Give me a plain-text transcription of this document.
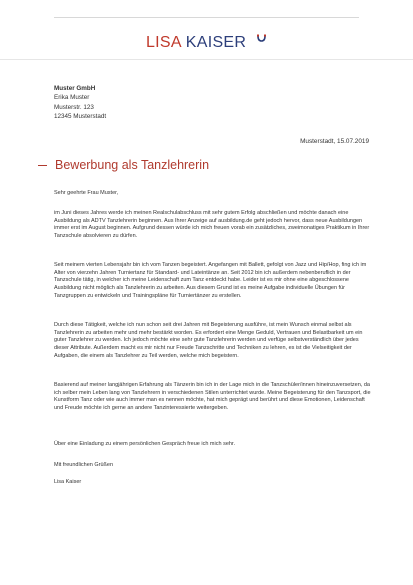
LISA KAISER
Muster GmbH
Erika Muster
Musterstr. 123
12345 Musterstadt
Musterstadt, 15.07.2019
Bewerbung als Tanzlehrerin
Sehr geehrte Frau Muster,

im Juni dieses Jahres werde ich meinen Realschulabschluss mit sehr gutem Erfolg abschließen und möchte danach eine Ausbildung als ADTV Tanzlehrerin beginnen. Aus Ihrer Anzeige auf ausbildung.de geht jedoch hervor, dass neue Ausbildungen immer erst im August beginnen. Aufgrund dessen würde ich mich freuen vorab ein zusätzliches, zweimonatiges Praktikum in Ihrer Tanzschule absolvieren zu dürfen.

Seit meinem vierten Lebensjahr bin ich vom Tanzen begeistert. Angefangen mit Ballett, gefolgt von Jazz und Hip/Hop, fing ich im Alter von vierzehn Jahren Turniertanz für Standard- und Lateintänze an. Seit 2012 bin ich außerdem nebenberuflich in der Tanzschule tätig, in welcher ich meine Leidenschaft zum Tanz entdeckt habe. Leider ist es mir ohne eine abgeschlossene Ausbildung nicht möglich als Tanzlehrerin zu arbeiten. Aus diesem Grund ist es meine Aufgabe individuelle Übungen für Tanzgruppen zu entwickeln und Trainingspläne für Turniertänzer zu erstellen.

Durch diese Tätigkeit, welche ich nun schon seit drei Jahren mit Begeisterung ausführe, ist mein Wunsch einmal selbst als Tanzlehrerin zu arbeiten mehr und mehr bestärkt worden. Es erfordert eine Menge Geduld, Vertrauen und Belastbarkeit um ein guter Tanzlehrer zu werden. Ich jedoch möchte eine sehr gute Tanzlehrerin werden und verfüge selbstverständlich über jedes dieser Attribute. Außerdem macht es mir nicht nur Freude Tanzschritte und Techniken zu lehren, es ist die Vielseitigkeit der Aufgaben, die einem als Tanzlehrer zu Teil werden, welche mich begeistern.

Basierend auf meiner langjährigen Erfahrung als Tänzerin bin ich in der Lage mich in die Tanzschüler/innen hineinzuversetzen, da ich selber mein Leben lang von Tanzlehrern in verschiedenen Stilen unterrichtet wurde. Meine Begeisterung für den Tanzsport, die Kunstform Tanz oder wie auch immer man es nennen möchte, hat mich geprägt und berührt und diese Emotionen, Leidenschaft und Freude möchte ich gerne an andere Tanzinteressierte weitergeben.

Über eine Einladung zu einem persönlichen Gespräch freue ich mich sehr.

Mit freundlichen Grüßen
Lisa Kaiser
